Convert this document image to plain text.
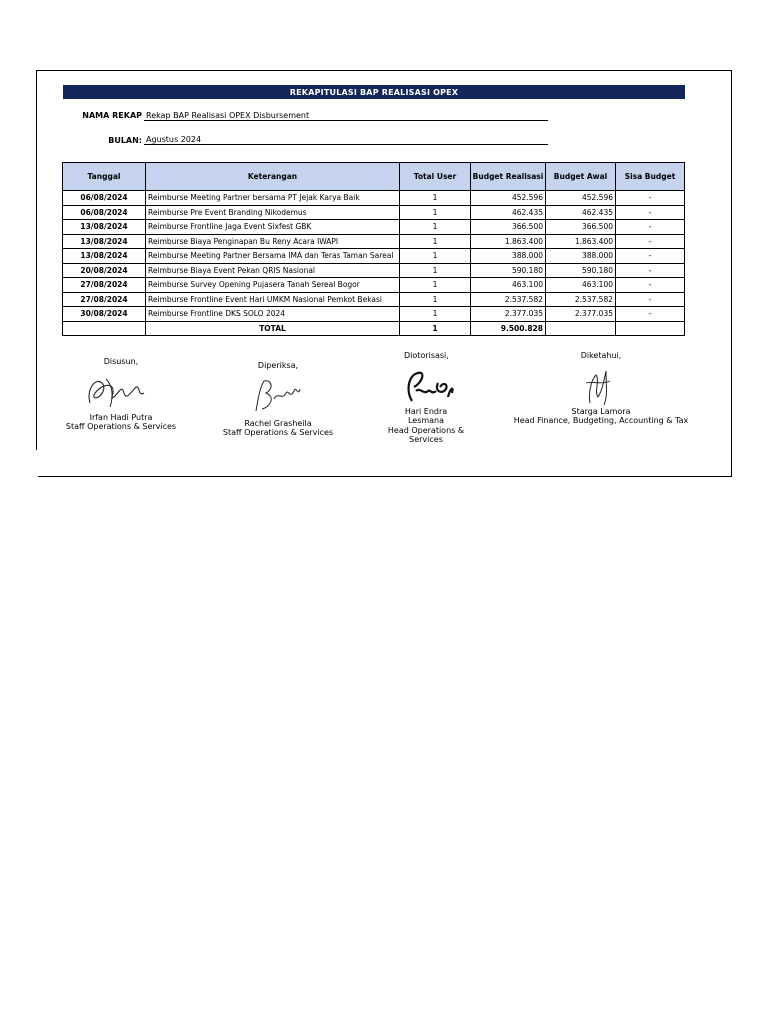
REKAPITULASI BAP REALISASI OPEX
NAMA REKAP Rekap BAP Realisasi OPEX Disbursement
BULAN: Agustus 2024
Tanggal	Keterangan	Total User	Budget Realisasi	Budget Awal	Sisa Budget
06/08/2024	Reimburse Meeting Partner bersama PT Jejak Karya Baik	1	452.596	452.596	-
06/08/2024	Reimburse Pre Event Branding Nikodemus	1	462.435	462.435	-
13/08/2024	Reimburse Frontline Jaga Event Sixfest GBK	1	366.500	366.500	-
13/08/2024	Reimburse Biaya Penginapan Bu Reny Acara IWAPI	1	1.863.400	1.863.400	-
13/08/2024	Reimburse Meeting Partner Bersama IMA dan Teras Taman Sareal	1	388.000	388.000	-
20/08/2024	Reimburse Biaya Event Pekan QRIS Nasional	1	590.180	590.180	-
27/08/2024	Reimburse Survey Opening Pujasera Tanah Sereal Bogor	1	463.100	463.100	-
27/08/2024	Reimburse Frontline Event Hari UMKM Nasional Pemkot Bekasi	1	2.537.582	2.537.582	-
30/08/2024	Reimburse Frontline DKS SOLO 2024	1	2.377.035	2.377.035	-
	TOTAL	1	9.500.828		
Disusun,
Irfan Hadi Putra
Staff Operations & Services
Diperiksa,
Rachel Grasheila
Staff Operations & Services
Diotorisasi,
Hari Endra
Lesmana
Head Operations &
Services
Diketahui,
Starga Lamora
Head Finance, Budgeting, Accounting & Tax
